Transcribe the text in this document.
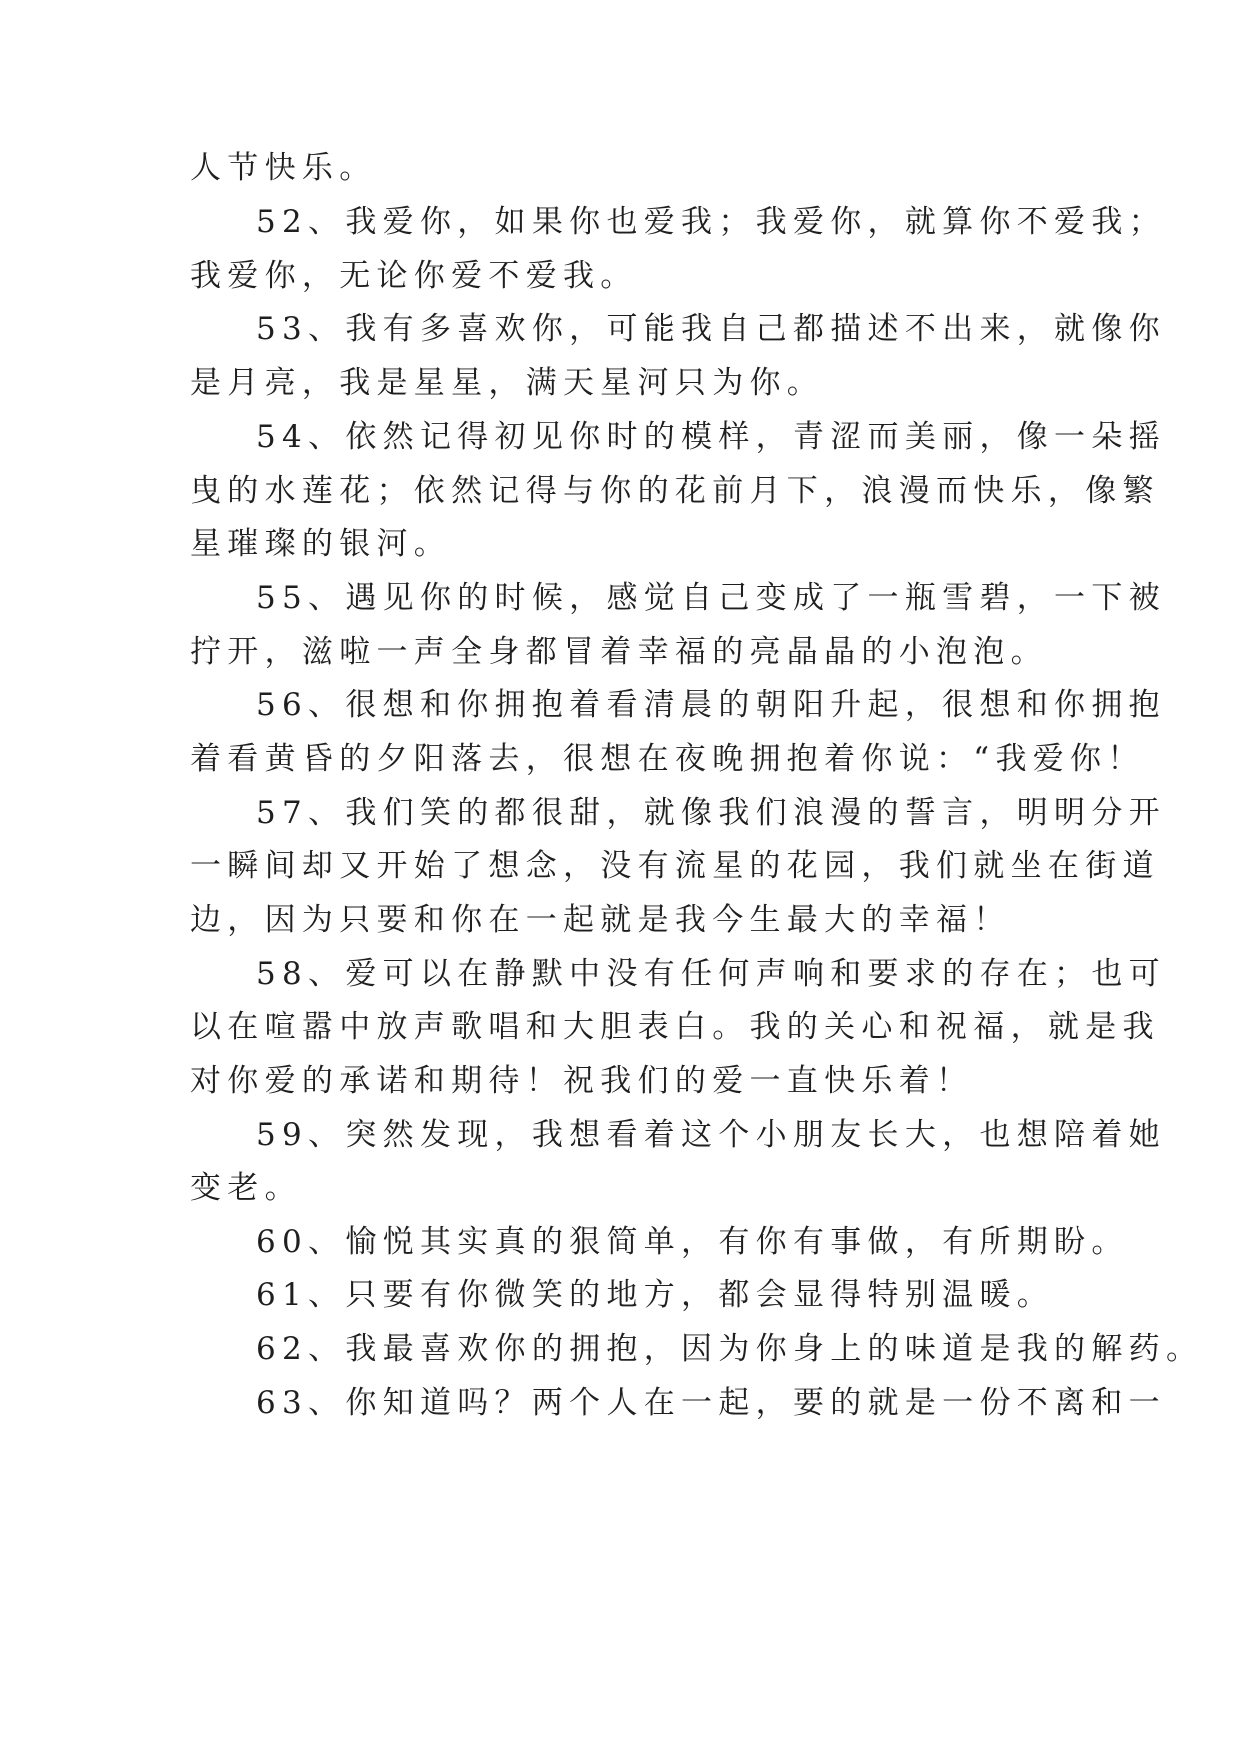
人节快乐。
52、我爱你，如果你也爱我；我爱你，就算你不爱我；
我爱你，无论你爱不爱我。
53、我有多喜欢你，可能我自己都描述不出来，就像你
是月亮，我是星星，满天星河只为你。
54、依然记得初见你时的模样，青涩而美丽，像一朵摇
曳的水莲花；依然记得与你的花前月下，浪漫而快乐，像繁
星璀璨的银河。
55、遇见你的时候，感觉自己变成了一瓶雪碧，一下被
拧开，滋啦一声全身都冒着幸福的亮晶晶的小泡泡。
56、很想和你拥抱着看清晨的朝阳升起，很想和你拥抱
着看黄昏的夕阳落去，很想在夜晚拥抱着你说：“我爱你！
57、我们笑的都很甜，就像我们浪漫的誓言，明明分开
一瞬间却又开始了想念，没有流星的花园，我们就坐在街道
边，因为只要和你在一起就是我今生最大的幸福！
58、爱可以在静默中没有任何声响和要求的存在；也可
以在喧嚣中放声歌唱和大胆表白。我的关心和祝福，就是我
对你爱的承诺和期待！祝我们的爱一直快乐着！
59、突然发现，我想看着这个小朋友长大，也想陪着她
变老。
60、愉悦其实真的狠简单，有你有事做，有所期盼。
61、只要有你微笑的地方，都会显得特别温暖。
62、我最喜欢你的拥抱，因为你身上的味道是我的解药。
63、你知道吗？两个人在一起，要的就是一份不离和一
